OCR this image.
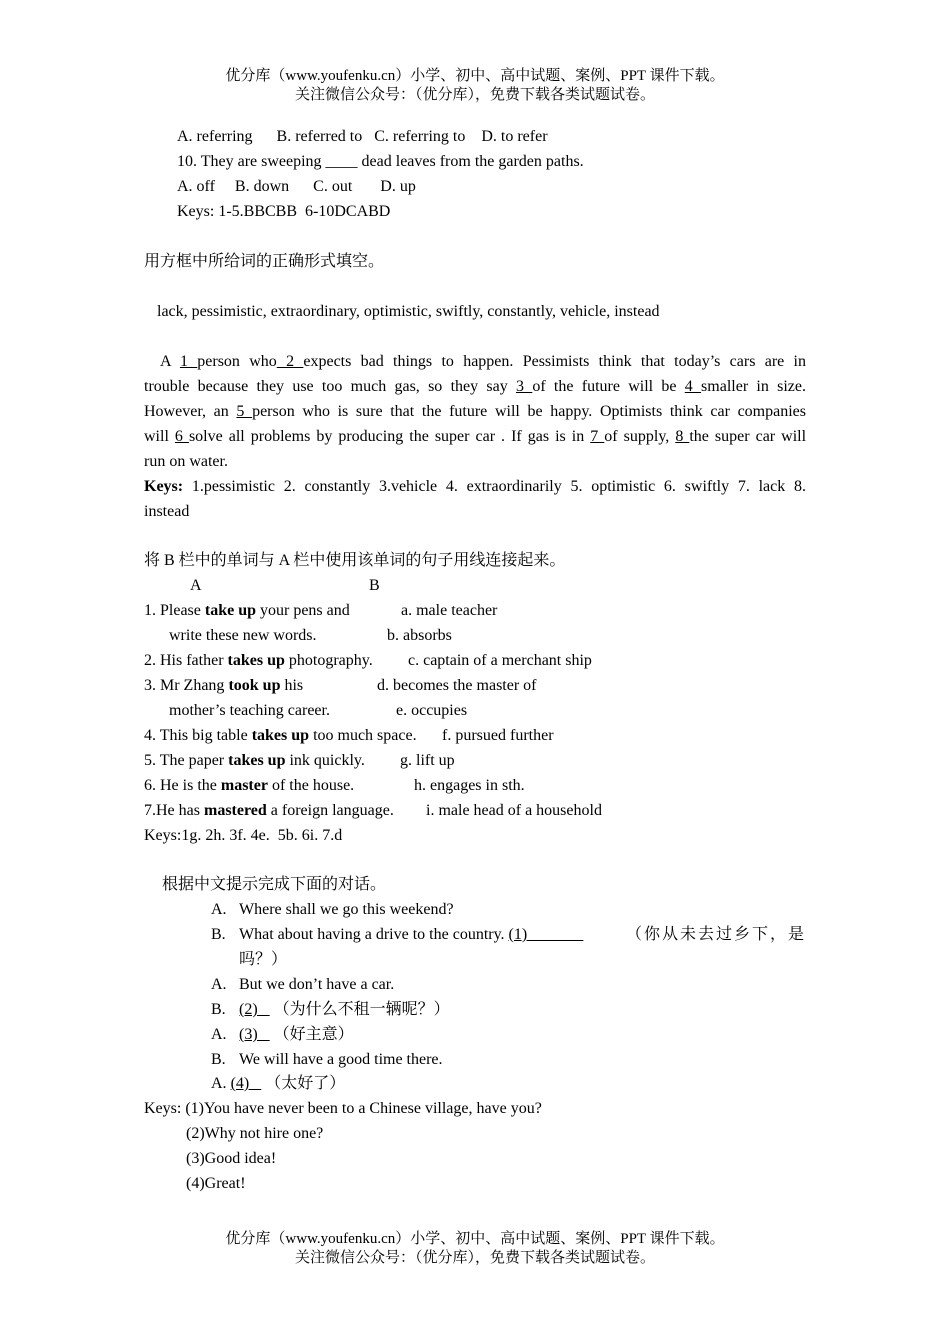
优分库（www.youfenku.cn）小学、初中、高中试题、案例、PPT 课件下载。
关注微信公众号：（优分库），免费下载各类试题试卷。
A. referring      B. referred to   C. referring to    D. to refer
10. They are sweeping ____ dead leaves from the garden paths.
A. off     B. down      C. out       D. up
Keys: 1-5.BBCBB  6-10DCABD
用方框中所给词的正确形式填空。
lack, pessimistic, extraordinary, optimistic, swiftly, constantly, vehicle, instead
A 1 person who 2 expects bad things to happen. Pessimists think that today’s cars are in
trouble because they use too much gas, so they say 3 of the future will be 4 smaller in size.
However, an 5 person who is sure that the future will be happy. Optimists think car companies
will 6 solve all problems by producing the super car . If gas is in 7 of supply, 8 the super car will
run on water.
Keys: 1.pessimistic 2. constantly 3.vehicle 4. extraordinarily 5. optimistic 6. swiftly 7. lack 8.
instead
将 B 栏中的单词与 A 栏中使用该单词的句子用线连接起来。
A	B
1. Please take up your pens and	a. male teacher
write these new words.	b. absorbs
2. His father takes up photography. c. captain of a merchant ship
3. Mr Zhang took up his	d. becomes the master of
mother’s teaching career.	e. occupies
4. This big table takes up too much space. f. pursued further
5. The paper takes up ink quickly. g. lift up
6. He is the master of the house.	h. engages in sth.
7.He has mastered a foreign language. i. male head of a household
Keys:1g. 2h. 3f. 4e.  5b. 6i. 7.d
根据中文提示完成下面的对话。
A. Where shall we go this weekend?
B. What about having a drive to the country. (1)_______	（你从未去过乡下，是
吗？）
A. But we don’t have a car.
B. (2)    （为什么不租一辆呢？）
A. (3)    （好主意）
B. We will have a good time there.
A. (4)    （太好了）
Keys: (1)You have never been to a Chinese village, have you?
(2)Why not hire one?
(3)Good idea!
(4)Great!
优分库（www.youfenku.cn）小学、初中、高中试题、案例、PPT 课件下载。
关注微信公众号：（优分库），免费下载各类试题试卷。
